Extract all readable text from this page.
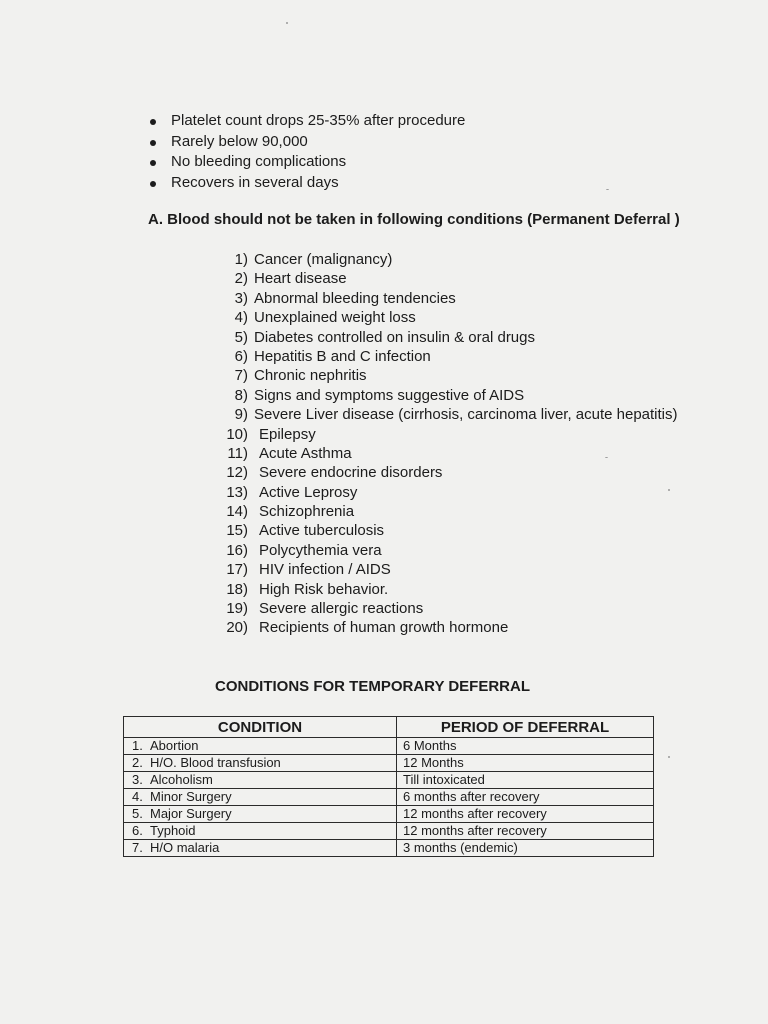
Platelet count drops 25-35% after procedure
Rarely below 90,000
No bleeding complications
Recovers in several days
A. Blood should not be taken in following conditions (Permanent Deferral )
1) Cancer (malignancy)
2) Heart disease
3) Abnormal bleeding tendencies
4) Unexplained weight loss
5) Diabetes controlled on insulin & oral drugs
6) Hepatitis B and C infection
7) Chronic nephritis
8) Signs and symptoms suggestive of AIDS
9) Severe Liver disease (cirrhosis, carcinoma liver, acute hepatitis)
10) Epilepsy
11) Acute Asthma
12) Severe endocrine disorders
13) Active Leprosy
14) Schizophrenia
15) Active tuberculosis
16) Polycythemia vera
17) HIV infection / AIDS
18) High Risk behavior.
19) Severe allergic reactions
20) Recipients of human growth hormone
CONDITIONS FOR TEMPORARY DEFERRAL
CONDITION	PERIOD OF DEFERRAL
1. Abortion	6 Months
2. H/O. Blood transfusion	12 Months
3. Alcoholism	Till intoxicated
4. Minor Surgery	6 months after recovery
5. Major Surgery	12 months after recovery
6. Typhoid	12 months after recovery
7. H/O malaria	3 months (endemic)
